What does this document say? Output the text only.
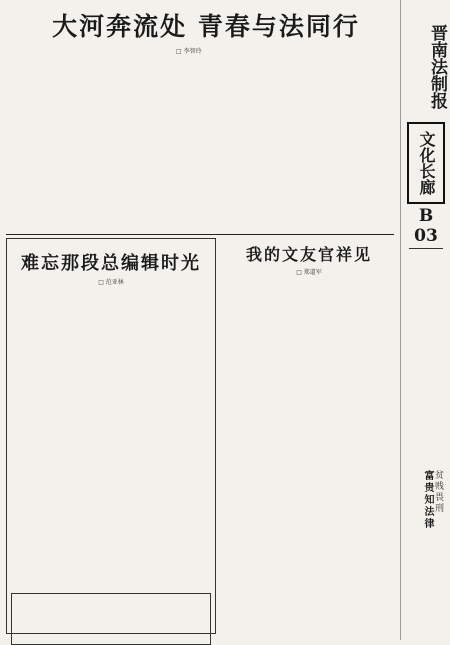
大河奔流处 青春与法同行
□ 李智玲
难忘那段总编辑时光
□ 范亚林
我的文友官祥见
□ 郑道军
晋南法制报
文化长廊
B 03
富贵知法律 贫贱畏刑
